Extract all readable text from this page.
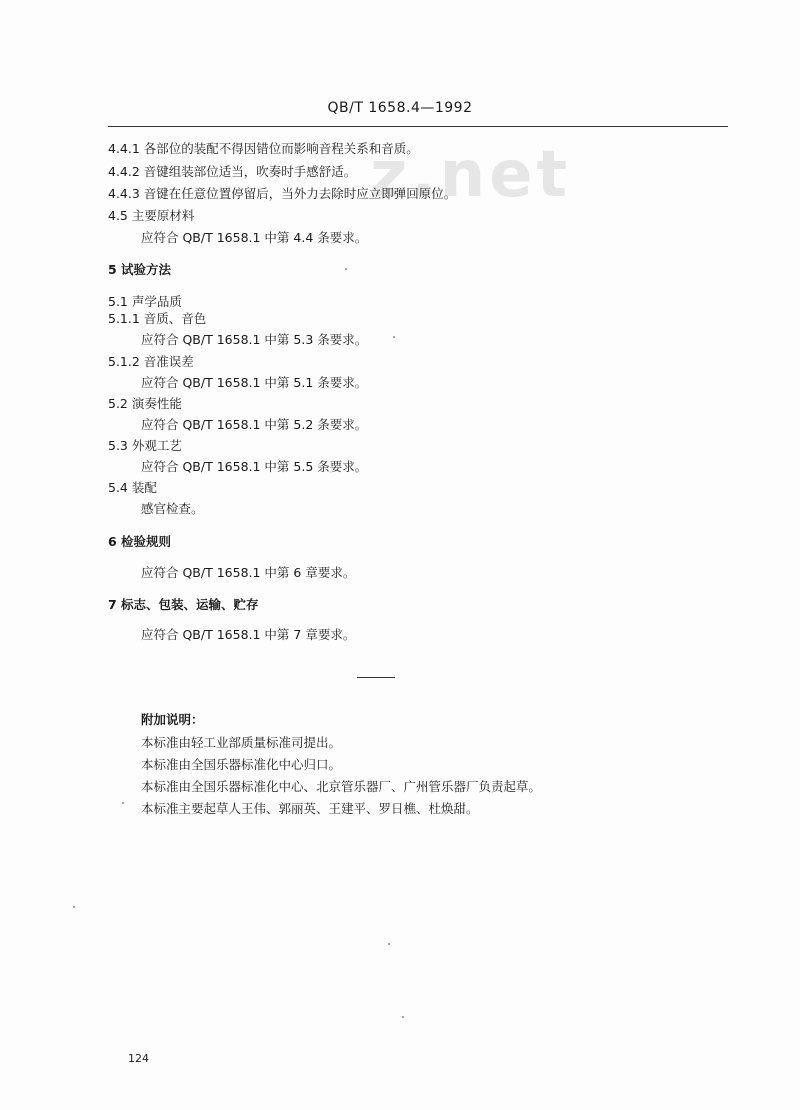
QB/T 1658.4—1992
z.net
4.4.1 各部位的装配不得因错位而影响音程关系和音质。
4.4.2 音键组装部位适当，吹奏时手感舒适。
4.4.3 音键在任意位置停留后，当外力去除时应立即弹回原位。
4.5 主要原材料
应符合 QB/T 1658.1 中第 4.4 条要求。
5 试验方法
5.1 声学品质
5.1.1 音质、音色
应符合 QB/T 1658.1 中第 5.3 条要求。
5.1.2 音准误差
应符合 QB/T 1658.1 中第 5.1 条要求。
5.2 演奏性能
应符合 QB/T 1658.1 中第 5.2 条要求。
5.3 外观工艺
应符合 QB/T 1658.1 中第 5.5 条要求。
5.4 装配
感官检查。
6 检验规则
应符合 QB/T 1658.1 中第 6 章要求。
7 标志、包装、运输、贮存
应符合 QB/T 1658.1 中第 7 章要求。
附加说明：
本标准由轻工业部质量标准司提出。
本标准由全国乐器标准化中心归口。
本标准由全国乐器标准化中心、北京管乐器厂、广州管乐器厂负责起草。
本标准主要起草人王伟、郭丽英、王建平、罗日樵、杜焕甜。
124
